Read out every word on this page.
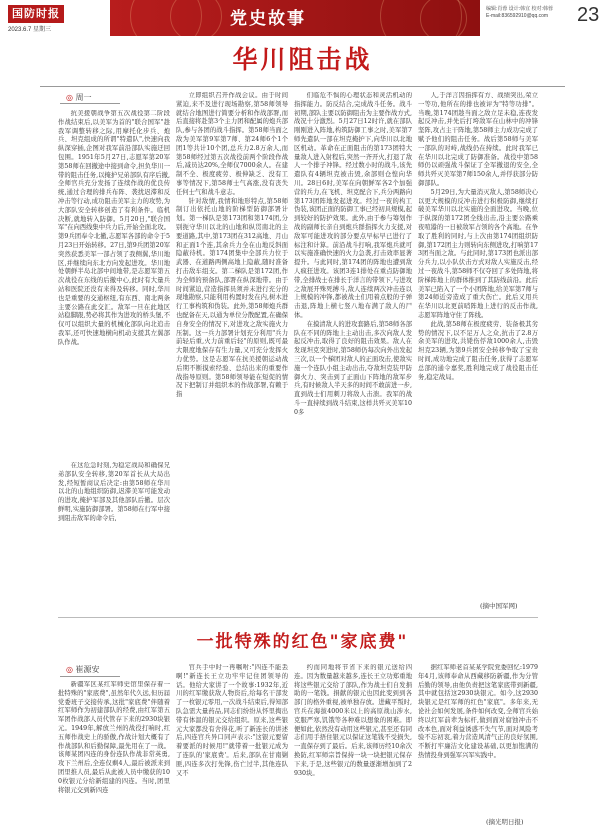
国防时报
2023.6.7 星期三
党史故事	编辑:肖蓉 设计:韩宜 校对:韩蓉
E-mail:836592910@qq.com 23
华川阻击战
◎ 周一

抗美援朝战争第五次战役第二阶段作战结束后,以美军为首的"联合国军"趁我军调整转移之际,用摩托化步兵、炮兵、坦克组成的所谓"特遣队",快速向我纵深穿插,企图对我军前沿部队实施迂回包围。1951年5月27日,志愿军第20军第58师在回撤途中接到命令,担负华川一带的阻击任务,以掩护兄弟部队有序后撤,全师官兵充分发扬了连续作战的优良传统,通过合理的排兵布阵、袭扰迟滞和反冲击等行动,成功阻击美军主力的攻势,为大部队安全转移创造了有利条件。临机决断,就地转入防御。5月20日,"联合国军"在向西线集中兵力后,开始全面北攻。第9兵团奉令北撤,志愿军各部的命令于5月23日开始转移。27日,第9兵团第20军突然获悉美军一部占领了我侧翼,华川地区,并继续向东北方向发起进攻。华川地处朝鲜半岛北部中间地带,是志愿军第五次战役在东线的后撤中心,此时有大量兵站和医院还没有来得及转移。同时,华川也是重要的交通枢纽,有东西、南北两条主要公路在此交汇。敌军一旦在此地区站稳脚跟,势必将其作为进攻的桥头堡,不仅可以组织大量的机械化部队向北追击我军,还可快速地横向机动支援其左翼部队作战。

在这危急时刻,为稳定战局和确保兄弟部队安全转移,第20军首长从大局出发,经短暂商议后决定:由第58师在华川以北的山地组织防御,迟滞美军可能发动的进攻,掩护军部及其他部队后撤。层次鲜明,实施防御部署。第58师在行军中接到阻击敌军的命令后,

立即组织召开作战会议。由于时间紧迫,来不及进行现场勘察,第58师领导就结合地图进行简要分析和作战部署,而后直接将赴第3个主力团和配属的炮兵部队,参与各团的战斗指挥。第58师当面之敌为美军第9军第7师、第24师6个1个团1等共计10个团,总兵力2.8万余人,而第58师经过第五次战役前两个阶段作战后,减员达20%,全师仅7000余人。在建制不全、极度疲劳、极伸缺乏、没有工事等情况下,第58师士气高涨,没有丧失任何士气和战斗意志。

针对敌情,我情和地形特点,第58师制订出依托山地的阶梯型防御部署计划。第一梯队是第173团和第174团,分别扼守华川以北的山地和纵贯南北的主要道路,其中,第173团在312高地、月山和正面1个连,其余兵力全在山地反斜面隐蔽待机。第174团集中全部兵力位于武器、在道路两侧高地上隐蔽,随时准备打击敌车组支。第二梯队是第172团,作为全师的预备队,部署在纵深地带。由于时间紧迫,营造指挥员须并未进行充分的现地勘察,只能利用构置时发在内,树木进行工事构筑和伪装。此外,第58师炮兵群也配备在天,以通为单位分散配置,在确保自身安全的情况下,对进攻之敌实施火力压制。这一兵力部署计划充分利用"兵力前轻后重,火力前重后轻"的原则,既可最大限度地保存有生力量,又可充分发挥火力优势。这是志愿军在抗美援朝运动战后期不断摸索经验、总结出来的重要作战指导原则。第58师领导能在短促的情况下把制订并组织本的作战部署,有赖于指

们临危不惧的心理状态和灵活机动的指挥能力。防反结合,完成战斗任务。战斗初期,部队主要以防御阻击为主要作战方式,战况十分激烈。5月27日12时许,就在部队刚刚进入阵地,构筑防御工事之时,美军第7师先遣队一部在坦克掩护下,向华川以北地区机动。革命在正面阻击的第173团特大量敌人进入射程后,突然一齐开火,打退了敌人一个排子冲锋。经过数小时的战斗,该先遣队有4辆坦克被击毁,余部则仓惶向华川。28日6时,美军在向朝鲜军各2个加强营的兵力,在飞机、坦克配合下,兵分两路向第173团阵地发起进攻。经过一夜的构工伪装,该团正面的防御工事已经初具规模,起到较好的防护效果。此外,由于参与筹划作战的副师长亲自到炮兵群指挥火力支援,对敌军可能进攻的部分要点早标早已进行了标注和计算。前沿战斗打响,我军炮兵就可以实施准确快速的火力急袭,打击效率显著提升。与此同时,第174团的阵地也遭到敌人疯狂进攻。该团3连1排处在重点防御地带,全排战士在排长于洋言的带领下,与进攻之敌展开殊死搏斗,敌人连续两次冲击连以上规模的冲锋,都被战士们用着点般的子弹击退,阵地上横七竖八地布满了敌人的尸体。

在摸清敌人的进攻套路后,第58师各部队在不同的阵地上主动出击,多次向敌人发起反冲击,取得了良好的阻击效果。敌人在发现坦克突进时,第58师仍每次向外出发起三次,以一个梯团对敌人的正面攻击,使敌实施一个连队小组主动出击,夺敌坦克装甲防御火力、突击到了正面山下阵地的敌军步兵,有时候敌人半天多的时间不敢前进一步,直到战士们用刺刀将敌人击溃。我军的战斗一直持续到战斗结束,这样共歼灭美军100多

人,于洋言因指挥有方、战绩突出,荣立一等功,他所在的排也被评为"特等功排"。当晚,第174团趁当面之敌立足未稳,连夜发起反冲击,并先后打垮敌军在山林中的冲锋坚阵,攻占主干阵地,第58师主力成功完成了赋予他们的阻击任务。战后第58师与美军一部队的对峙,战线仍在持续。此时我军已在华川以北完成了防御准备。战役中第58师仍以顽强战斗保证了全军撤退的安全,全师共歼灭美军第7师150余人,并俘获部分防御部队。

5月29日,为大量消灭敌人,第58师决心以更大规模的反冲击进行积极防御,继续打破美军华川以北实施的全面进攻。当晚,位于纵深的第172团全线出击,沿主要公路乘夜喧嚣的一日被敌军占领的各个高地。在争取了胜利的同时,与上次由第174团组织防御,第172团主力则转向东侧进攻,打响第173团当面之敌。与此同时,第173团也派出部分兵力,以小队伏击方式对敌人实施反击,经过一夜战斗,第58师不仅夺回了多处阵地,将阶梯阵地上的群体推到了其防线前沿。此后美军已陷入了一个小团阵地,给美军第7师与第24师近旁造成了重大伤亡。此后又用兵在华川以北更前哨阵地上进行的反击作战,志愿军阵地守住了阵线。

此战,第58师在极度疲劳、装备极其劣势的情况下,以不足万人之众,抗击了2.8万余美军的进攻,共毙伤俘敌1000余人,击毁坦克23辆,为第9兵团安全转移争取了宝贵时间,成功地完成了阻击任务,获得了志愿军总部的通令嘉奖,胜利地完成了战役阻击任务,稳定战局。

(摘中国军网)
一批特殊的红色"家底费"
◎ 崔源安

新疆军区某红军师史馆里保存着一批特殊的"家底费",虽然年代久远,但历届党委班子交接传承,这批"家底费"伴随着红军师作为初建部队的经费,由红军第五军团作战部人员代管存下来的2930块银元。1949年,解放兰州的战役打响时,红五师作战史上的骄傲,作战计划大概有了作战部队和后勤保障,最先用在了一战。该师某团四连的身份连队作战非常英勇,攻下兰州后,全连仅剩4人,最后被派来到团里推人员,最后从此被人员中缴获的100枚银元分给新组建的四连。当时,团里将银元交到新四连

官兵手中时一再嘱咐:"四连不能丢啊!"新连长王立功牢牢记住团领导的话。他给大家讲了一个故事:1932年,近川的红军缴获敌人物资后,给每名干部发了一枚银元零用,一次战斗结束后,得知部队急需大量药品,同志们纷纷从怀里掏出带有体温的银元交给组织。原来,这些银元大家都没有舍得花,听了新连长的讲述后,四连官兵异口同声表示:"这银元要留着要派的时候用!"就带着一批银元成为了连队的'家底费'。后来,部队在甘南剿匪,四连多次打先锋,伤亡过半,其他连队又不

约而同地将节省下来的银元送给四连。因为数量越来越多,连长王立功郑重地将这些银元交给了部队,作为战士们自发捐助的一笔钱。捐献的银元也因此变到到各部门的格外重视,被单独存放。进藏平叛时,官兵在海拔4000米以上的高原战山涉水,克服严寒,饥饿等各种难以想象的困难。即便如此,依然没有动用这些银元,甚至还有同志们用手捂住银元以保证这笔钱不受损失,一直保存到了最后。后来,该师历经10余次换防,红军师宗旨保持一块一块把银元保存下来,于是,这些银元的数量逐渐增加到了2930块。

据红军师老首某某学院党委回忆:1979年4月,该师奉命从西藏移防新疆,作为分管后勤的领导,由他负责把这笔家底带到新疆,其中就包括这2930块银元。如今,这2930块银元是红军师的红色"家底"。多年来,无论社会如何发展,条件如何改变,全师官兵始终以红军前辈为标杆,做到面对腐蚀冲击不改本色,面对利益诱惑不失气节,面对风险考验不忘初衷,着力营造风清气正的良好氛围,不断打牢廉洁文化建设基础,以更加饱满的热情投身到强军兴军实践中。

(摘光明日报)
